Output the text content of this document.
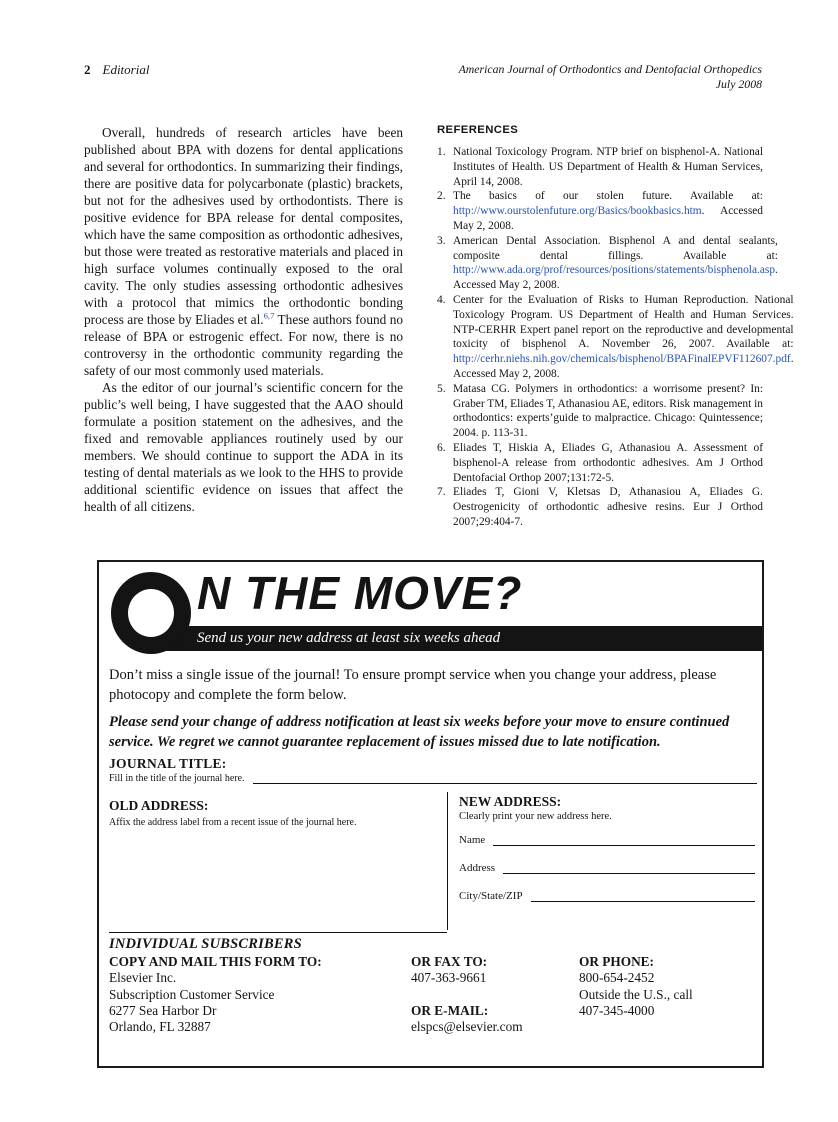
2 Editorial	American Journal of Orthodontics and Dentofacial Orthopedics
July 2008

Overall, hundreds of research articles have been published about BPA with dozens for dental applications and several for orthodontics. In summarizing their findings, there are positive data for polycarbonate (plastic) brackets, but not for the adhesives used by orthodontists. There is positive evidence for BPA release for dental composites, which have the same composition as orthodontic adhesives, but those were treated as restorative materials and placed in high surface volumes continually exposed to the oral cavity. The only studies assessing orthodontic adhesives with a protocol that mimics the orthodontic bonding process are those by Eliades et al.$^{6,7}$ These authors found no release of BPA or estrogenic effect. For now, there is no controversy in the orthodontic community regarding the safety of our most commonly used materials.

As the editor of our journal’s scientific concern for the public’s well being, I have suggested that the AAO should formulate a position statement on the adhesives, and the fixed and removable appliances routinely used by our members. We should continue to support the ADA in its testing of dental materials as we look to the HHS to provide additional scientific evidence on issues that affect the health of all citizens.

REFERENCES
1. National Toxicology Program. NTP brief on bisphenol-A. National Institutes of Health. US Department of Health & Human Services, April 14, 2008.
2. The basics of our stolen future. Available at: http://www.ourstolenfuture.org/Basics/bookbasics.htm. Accessed May 2, 2008.
3. American Dental Association. Bisphenol A and dental sealants, composite dental fillings. Available at: http://www.ada.org/prof/resources/positions/statements/bisphenola.asp. Accessed May 2, 2008.
4. Center for the Evaluation of Risks to Human Reproduction. National Toxicology Program. US Department of Health and Human Services. NTP-CERHR Expert panel report on the reproductive and developmental toxicity of bisphenol A. November 26, 2007. Available at: http://cerhr.niehs.nih.gov/chemicals/bisphenol/BPAFinalEPVF112607.pdf. Accessed May 2, 2008.
5. Matasa CG. Polymers in orthodontics: a worrisome present? In: Graber TM, Eliades T, Athanasiou AE, editors. Risk management in orthodontics: experts’guide to malpractice. Chicago: Quintessence; 2004. p. 113-31.
6. Eliades T, Hiskia A, Eliades G, Athanasiou A. Assessment of bisphenol-A release from orthodontic adhesives. Am J Orthod Dentofacial Orthop 2007;131:72-5.
7. Eliades T, Gioni V, Kletsas D, Athanasiou A, Eliades G. Oestrogenicity of orthodontic adhesive resins. Eur J Orthod 2007;29:404-7.
N THE MOVE?
Send us your new address at least six weeks ahead

Don’t miss a single issue of the journal! To ensure prompt service when you change your address, please photocopy and complete the form below.

Please send your change of address notification at least six weeks before your move to ensure continued service. We regret we cannot guarantee replacement of issues missed due to late notification.

JOURNAL TITLE:
Fill in the title of the journal here.
OLD ADDRESS:
Affix the address label from a recent issue of the journal here.
NEW ADDRESS:
Clearly print your new address here.
Name
Address
City/State/ZIP
INDIVIDUAL SUBSCRIBERS
COPY AND MAIL THIS FORM TO:
Elsevier Inc.
Subscription Customer Service
6277 Sea Harbor Dr
Orlando, FL 32887
OR FAX TO:
407-363-9661
OR E-MAIL:
elspcs@elsevier.com
OR PHONE:
800-654-2452
Outside the U.S., call
407-345-4000
